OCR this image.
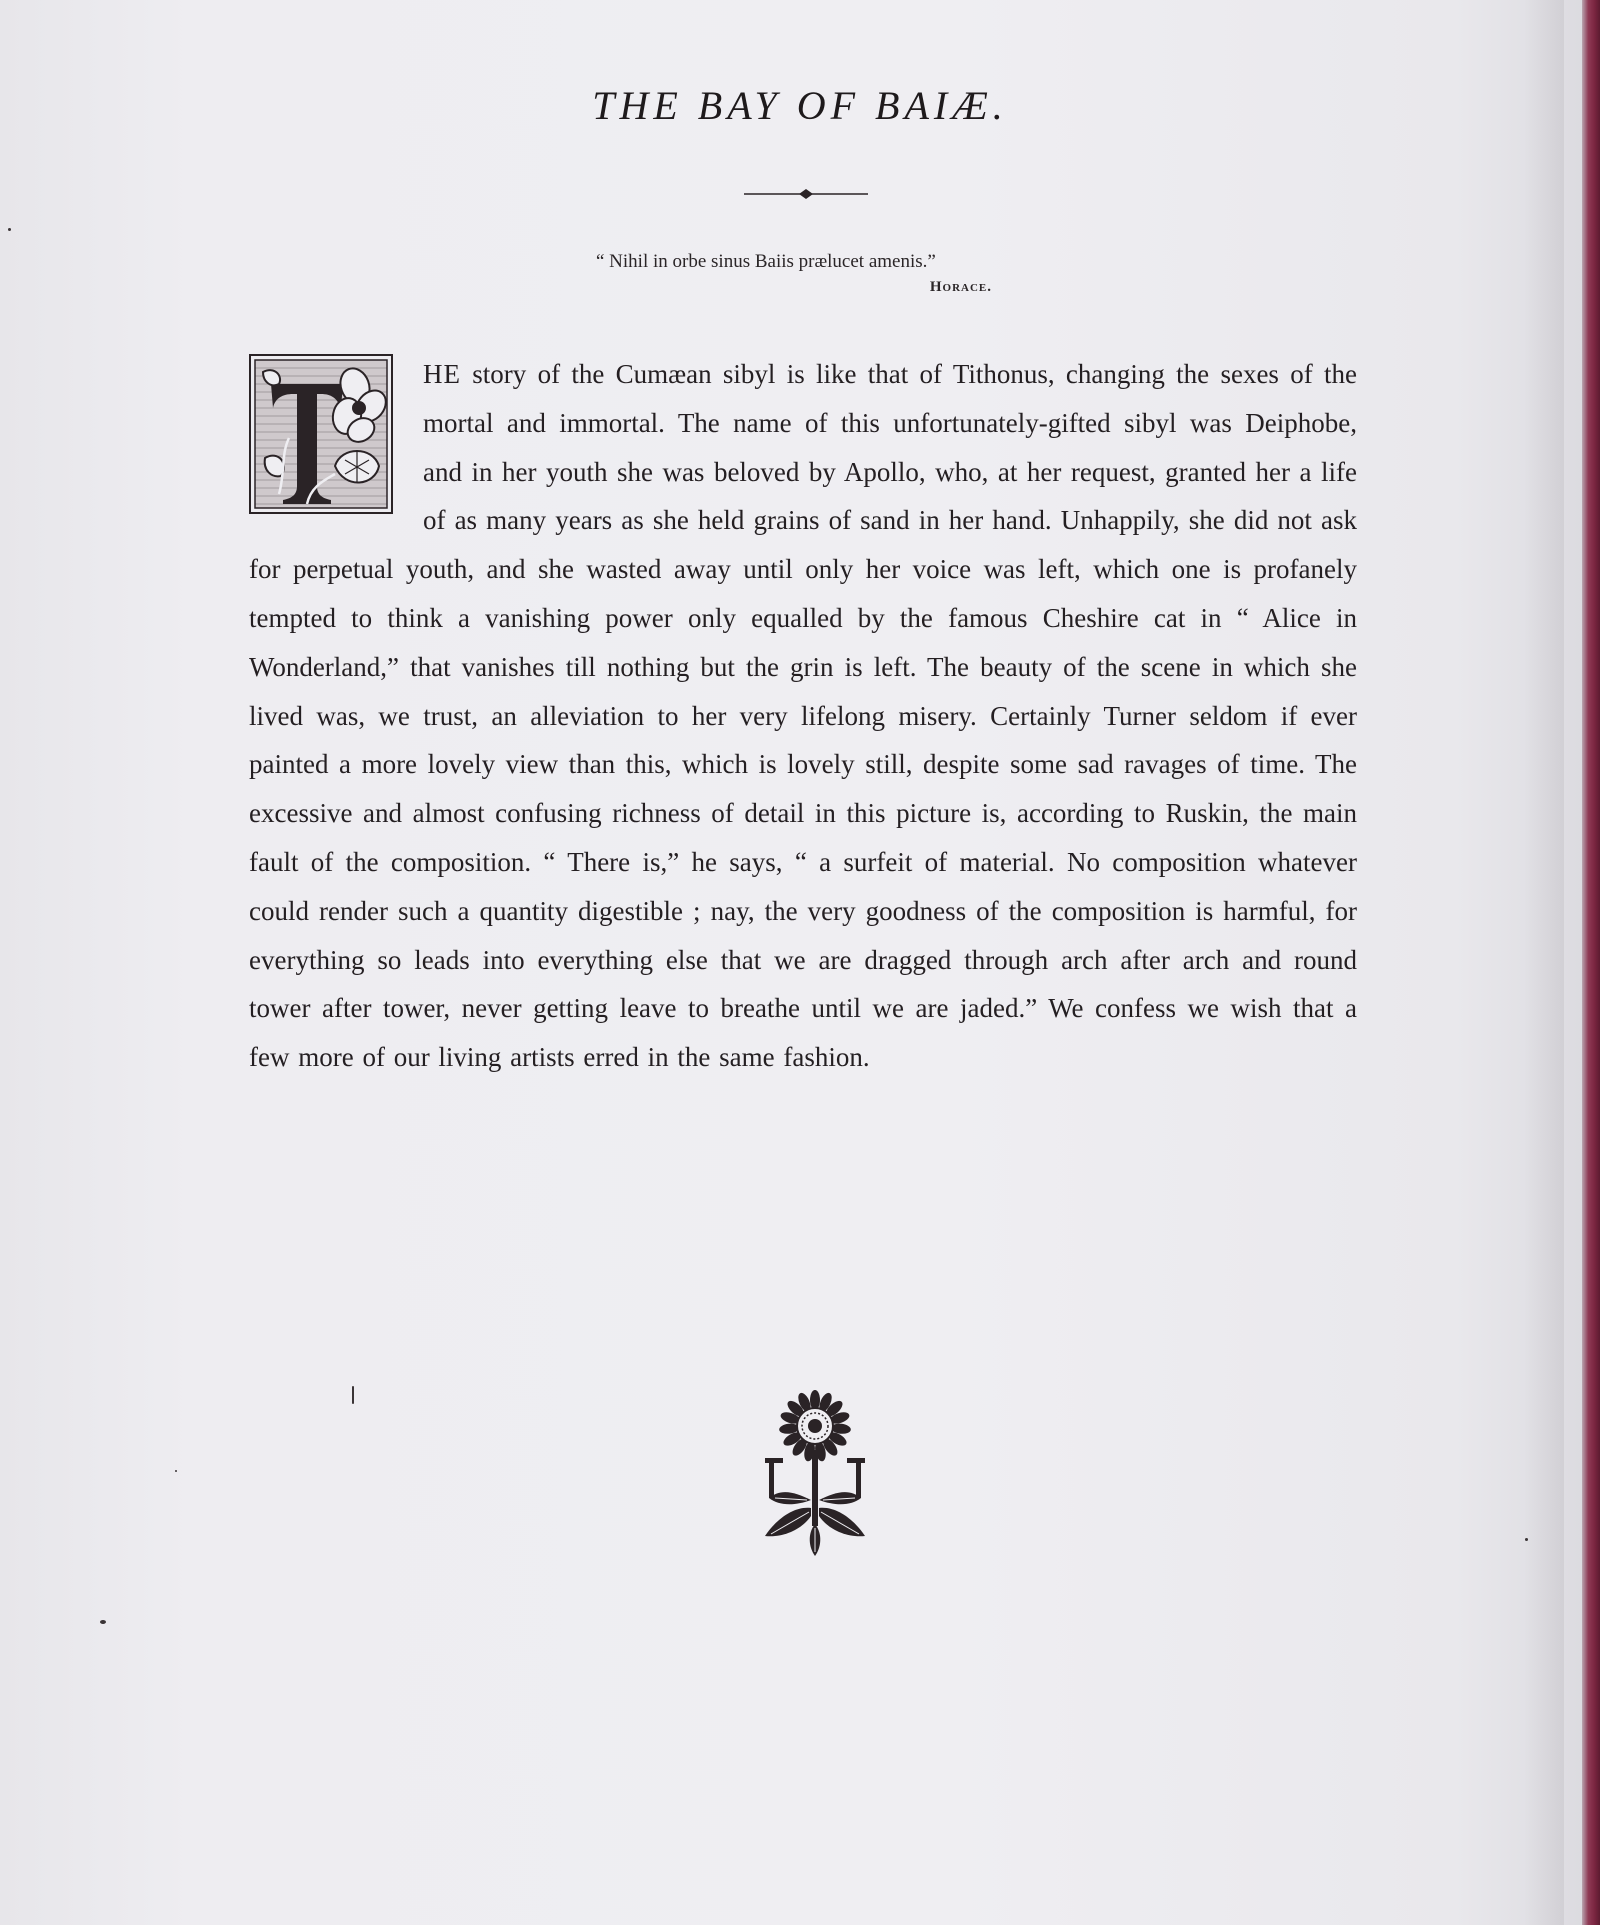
THE BAY OF BAIÆ.
“ Nihil in orbe sinus Baiis prælucet amenis.”
Horace.
HE story of the Cumæan sibyl is like that of Tithonus, changing the sexes of the mortal and immortal. The name of this unfortunately-gifted sibyl was Deiphobe, and in her youth she was beloved by Apollo, who, at her request, granted her a life of as many years as she held grains of sand in her hand. Unhappily, she did not ask for perpetual youth, and she wasted away until only her voice was left, which one is profanely tempted to think a vanishing power only equalled by the famous Cheshire cat in “ Alice in Wonderland,” that vanishes till nothing but the grin is left. The beauty of the scene in which she lived was, we trust, an alleviation to her very lifelong misery. Certainly Turner seldom if ever painted a more lovely view than this, which is lovely still, despite some sad ravages of time. The excessive and almost confusing richness of detail in this picture is, according to Ruskin, the main fault of the composition. “ There is,” he says, “ a surfeit of material. No composition whatever could render such a quantity digestible ; nay, the very goodness of the composition is harmful, for everything so leads into everything else that we are dragged through arch after arch and round tower after tower, never getting leave to breathe until we are jaded.” We confess we wish that a few more of our living artists erred in the same fashion.
